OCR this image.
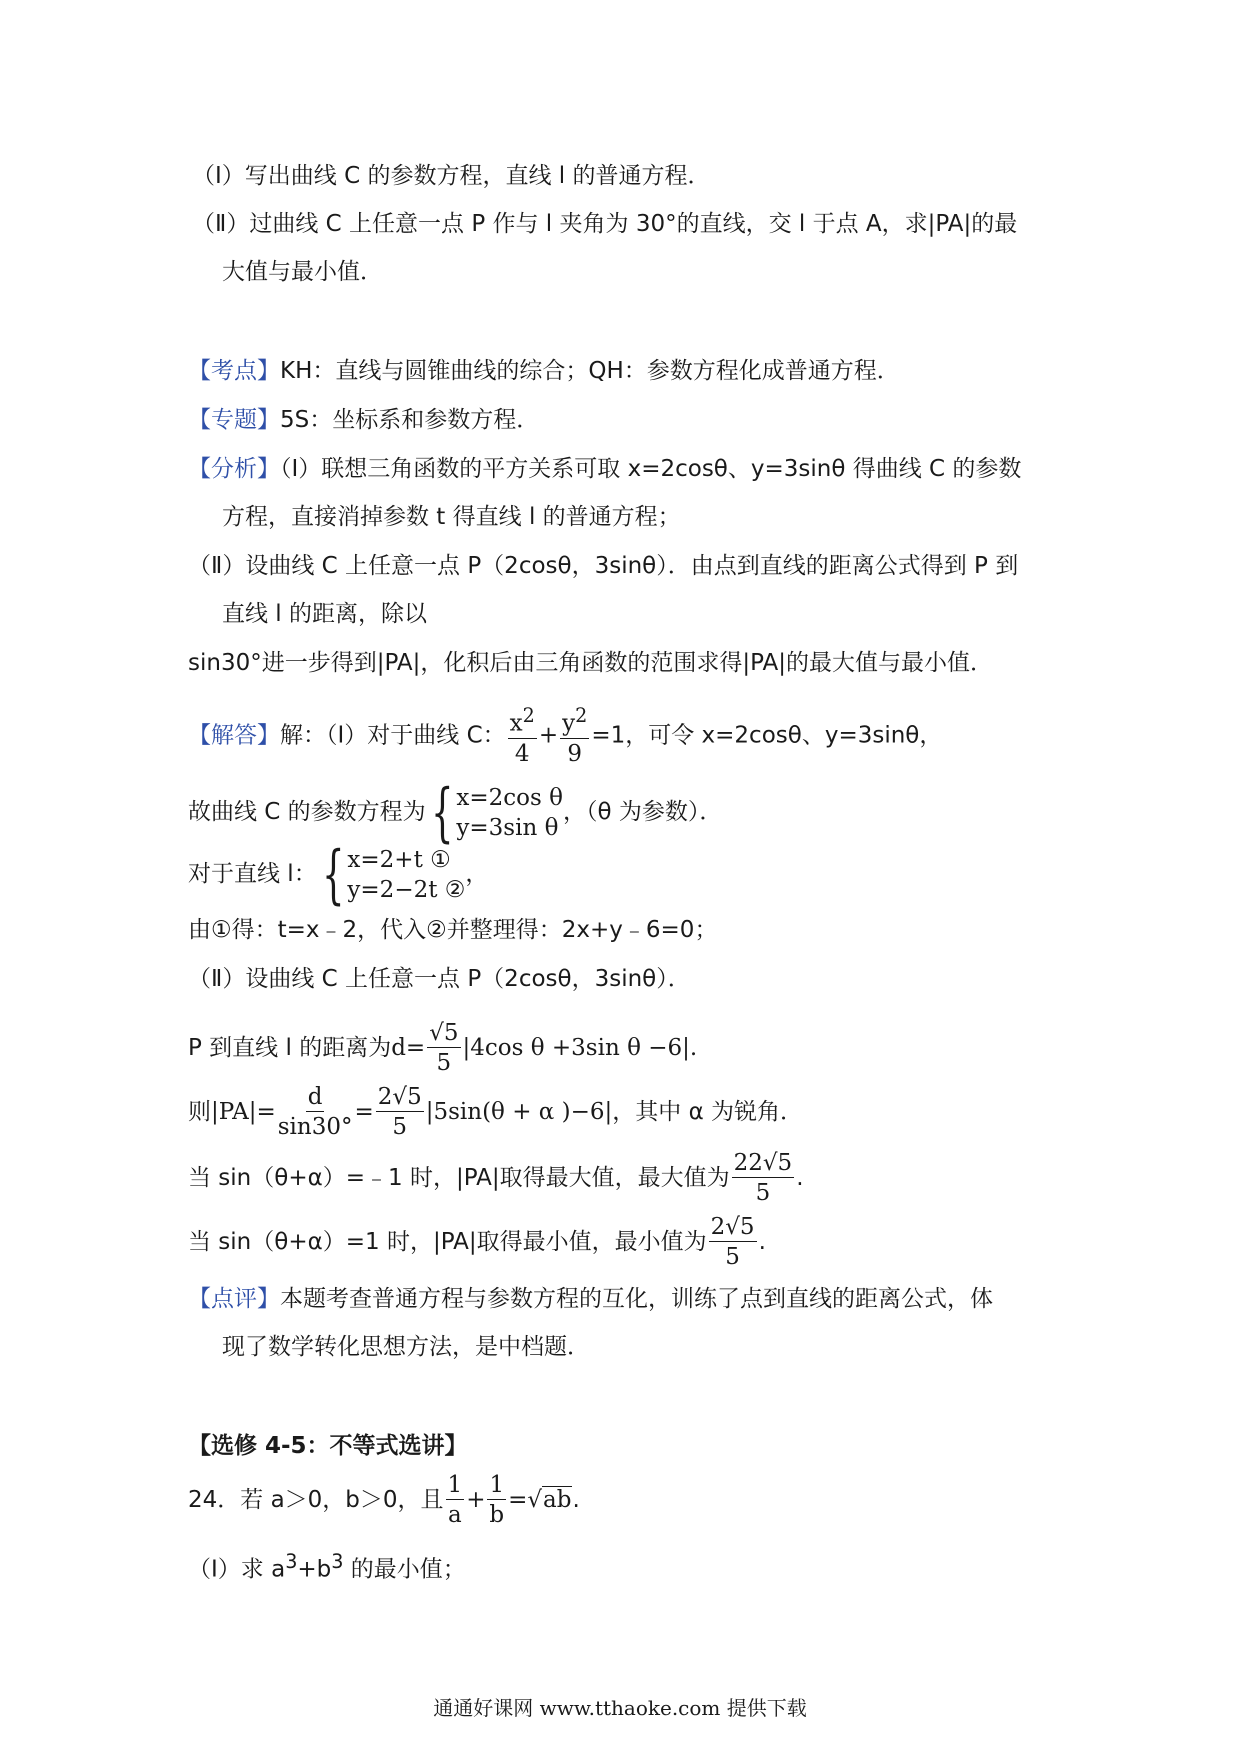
（Ⅰ）写出曲线 C 的参数方程，直线 l 的普通方程．
（Ⅱ）过曲线 C 上任意一点 P 作与 l 夹角为 30°的直线，交 l 于点 A，求|PA|的最
大值与最小值．
【考点】KH：直线与圆锥曲线的综合；QH：参数方程化成普通方程．
【专题】5S：坐标系和参数方程．
【分析】（Ⅰ）联想三角函数的平方关系可取 x=2cosθ、y=3sinθ 得曲线 C 的参数
方程，直接消掉参数 t 得直线 l 的普通方程；
（Ⅱ）设曲线 C 上任意一点 P（2cosθ，3sinθ）．由点到直线的距离公式得到 P 到
直线 l 的距离，除以
sin30°进一步得到|PA|，化积后由三角函数的范围求得|PA|的最大值与最小值．
【解答】解：（Ⅰ）对于曲线 C： $\frac{x^2}{4} + \frac{y^2}{9} =1$，可令 x=2cosθ、y=3sinθ，
故曲线 C 的参数方程为 { x=2cos θ
y=3sin θ
，（θ 为参数）．
对于直线 l： { x=2+t ①
y=2−2t ②
，
由①得：t=x﹣2，代入②并整理得：2x+y﹣6=0；
（Ⅱ）设曲线 C 上任意一点 P（2cosθ，3sinθ）．
P 到直线 l 的距离为$d= \frac{√5}{5} |4\cos$ θ +3sin θ −6|.
则$|PA|= \frac{d}{\sin 30^\circ} = \frac{2√5}{5} |5\sin(\theta + \alpha$ )−6|，其中 α 为锐角．
当 sin（θ+α）=﹣1 时，|PA|取得最大值，最大值为 $\frac{22√5}{5}$ .
当 sin（θ+α）=1 时，|PA|取得最小值，最小值为 $\frac{2√5}{5}$ .
【点评】本题考查普通方程与参数方程的互化，训练了点到直线的距离公式，体
现了数学转化思想方法，是中档题．
【选修 4-5：不等式选讲】
24．若 a＞0，b＞0，且 $\frac{1}{a} + \frac{1}{b} =√ab$.
（Ⅰ）求 $a^3+b^3$ 的最小值；
通通好课网 www.tthaoke.com 提供下载
